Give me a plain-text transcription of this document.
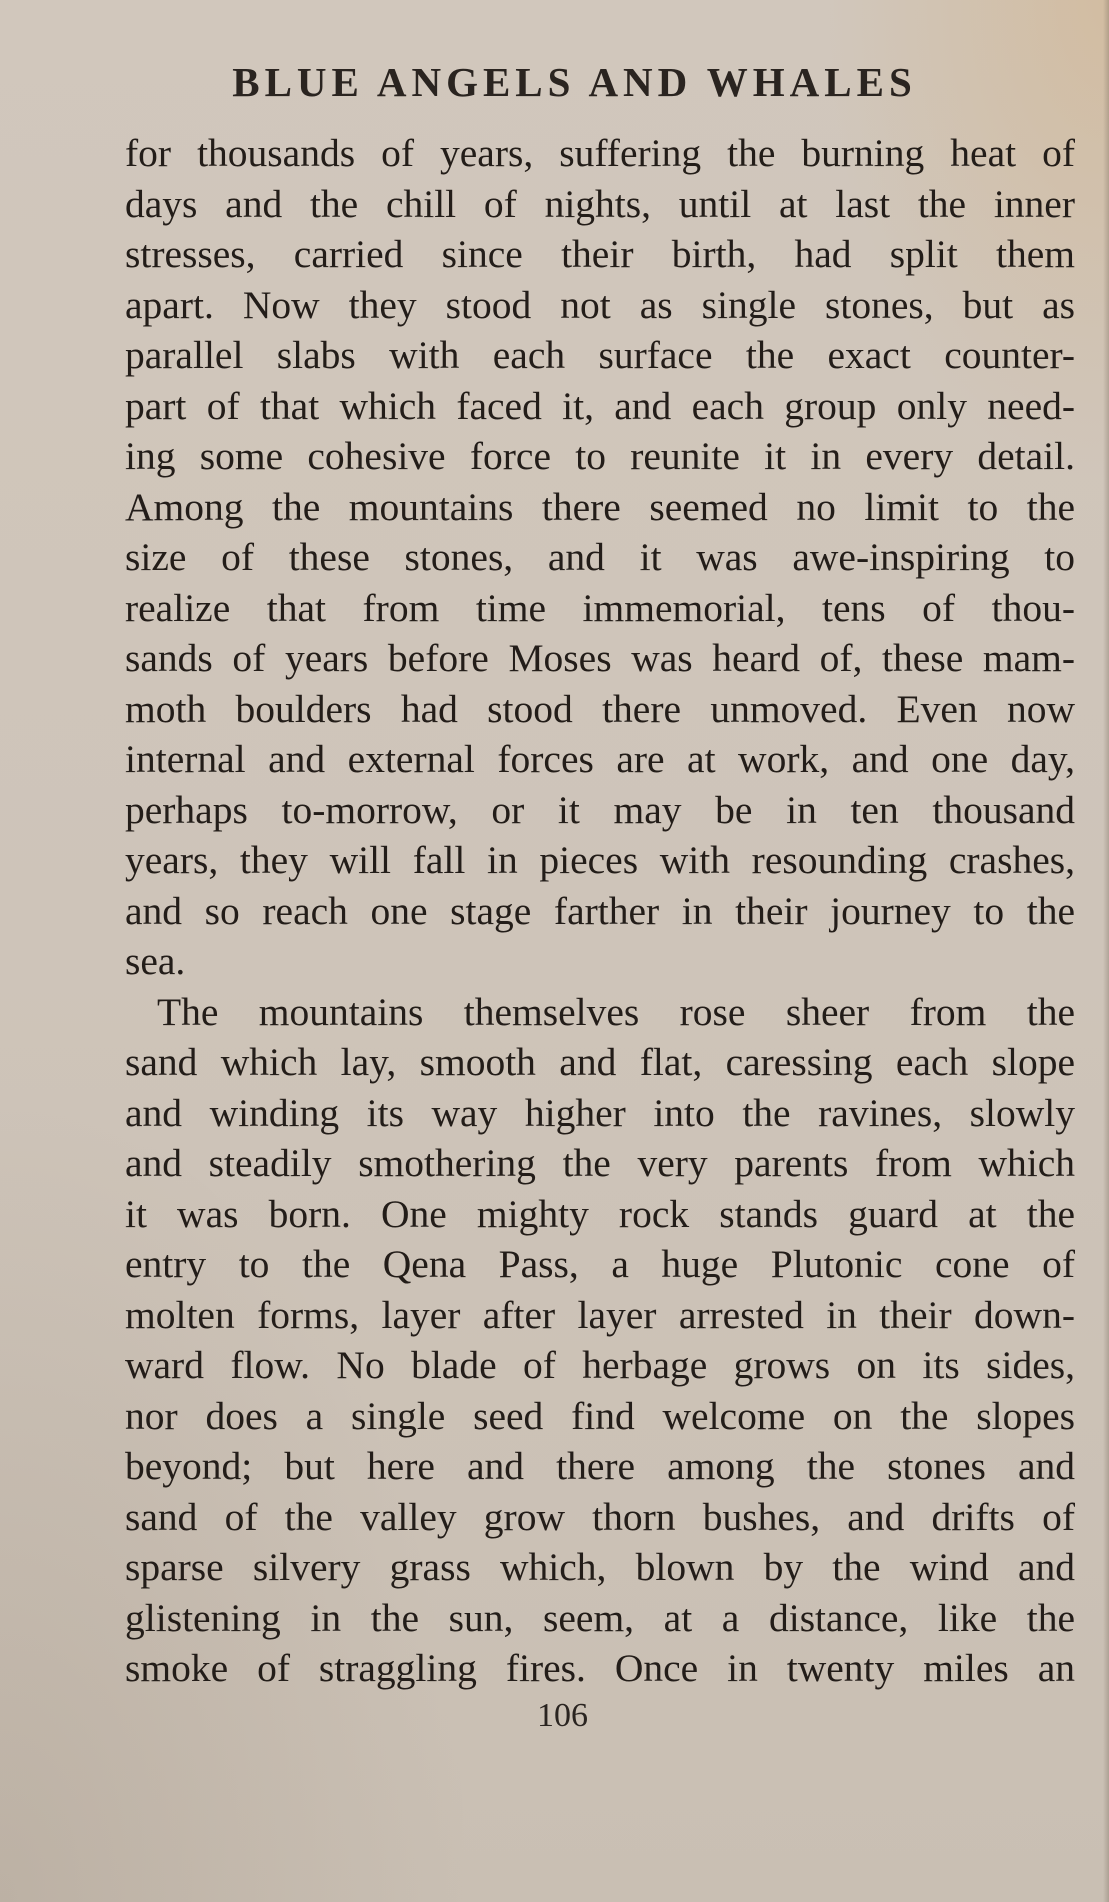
BLUE ANGELS AND WHALES
for thousands of years, suffering the burning heat of
days and the chill of nights, until at last the inner
stresses, carried since their birth, had split them
apart. Now they stood not as single stones, but as
parallel slabs with each surface the exact counter-
part of that which faced it, and each group only need-
ing some cohesive force to reunite it in every detail.
Among the mountains there seemed no limit to the
size of these stones, and it was awe-inspiring to
realize that from time immemorial, tens of thou-
sands of years before Moses was heard of, these mam-
moth boulders had stood there unmoved. Even now
internal and external forces are at work, and one day,
perhaps to-morrow, or it may be in ten thousand
years, they will fall in pieces with resounding crashes,
and so reach one stage farther in their journey to the
sea.
The mountains themselves rose sheer from the
sand which lay, smooth and flat, caressing each slope
and winding its way higher into the ravines, slowly
and steadily smothering the very parents from which
it was born. One mighty rock stands guard at the
entry to the Qena Pass, a huge Plutonic cone of
molten forms, layer after layer arrested in their down-
ward flow. No blade of herbage grows on its sides,
nor does a single seed find welcome on the slopes
beyond; but here and there among the stones and
sand of the valley grow thorn bushes, and drifts of
sparse silvery grass which, blown by the wind and
glistening in the sun, seem, at a distance, like the
smoke of straggling fires. Once in twenty miles an
106
